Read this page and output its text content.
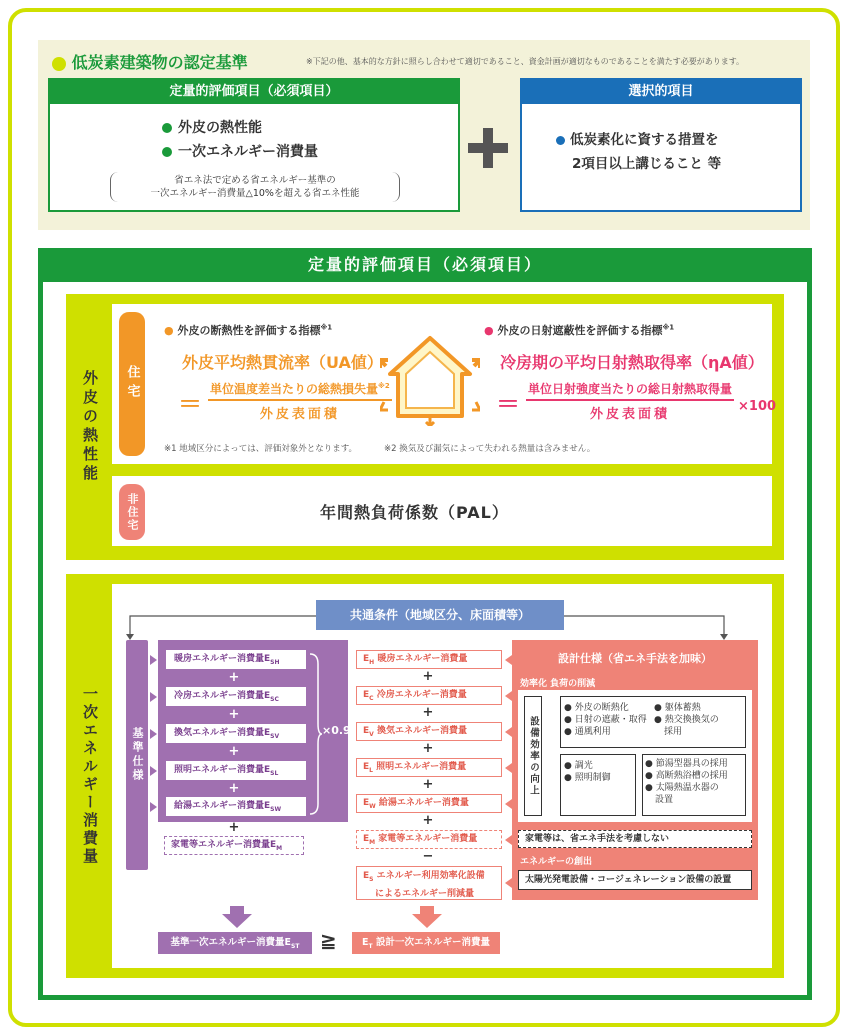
低炭素建築物の認定基準	※下記の他、基本的な方針に照らし合わせて適切であること、資金計画が適切なものであることを満たす必要があります。
定量的評価項目（必須項目）
外皮の熱性能
一次エネルギー消費量
省エネ法で定める省エネルギー基準の
一次エネルギー消費量△10%を超える省エネ性能
選択的項目
低炭素化に資する措置を
2項目以上講じること 等
定量的評価項目（必須項目）
外皮の熱性能	住宅
● 外皮の断熱性を評価する指標$^{※1}$
外皮平均熱貫流率（UA値）
＝ $\frac{単位温度差当たりの総熱損失量^{※2}}{\text{外皮表面積}}$
● 外皮の日射遮蔽性を評価する指標$^{※1}$
冷房期の平均日射熱取得率（ηA値）
＝ $\frac{\text{単位日射強度当たりの総日射熱取得量}}{\text{外皮表面積}} \times 100$
※1 地域区分によっては、評価対象外となります。	※2 換気及び漏気によって失われる熱量は含みません。
非住宅	年間熱負荷係数（PAL）
一次エネルギー消費量
共通条件（地域区分、床面積等）
基準仕様
暖房エネルギー消費量$E_{SH}$
+
冷房エネルギー消費量$E_{SC}$
+
換気エネルギー消費量$E_{SV}$
+
照明エネルギー消費量$E_{SL}$
+
給湯エネルギー消費量$E_{SW}$
×0.9
+
家電等エネルギー消費量$E_M$
$E_H$ 暖房エネルギー消費量
+
$E_C$ 冷房エネルギー消費量
+
$E_V$ 換気エネルギー消費量
+
$E_L$ 照明エネルギー消費量
+
$E_W$ 給湯エネルギー消費量
+
$E_M$ 家電等エネルギー消費量
−
$E_S$ エネルギー利用効率化設備
によるエネルギー削減量
設計仕様（省エネ手法を加味）
効率化 負荷の削減
設備効率の向上
● 外皮の断熱化
● 日射の遮蔽・取得
● 通風利用
● 躯体蓄熱
● 熱交換換気の
採用
● 調光
● 照明制御
● 節湯型器具の採用
● 高断熱浴槽の採用
● 太陽熱温水器の
設置
家電等は、省エネ手法を考慮しない
エネルギーの創出
太陽光発電設備・コージェネレーション設備の設置
基準一次エネルギー消費量$E_{ST}$	≧	$E_T$ 設計一次エネルギー消費量
